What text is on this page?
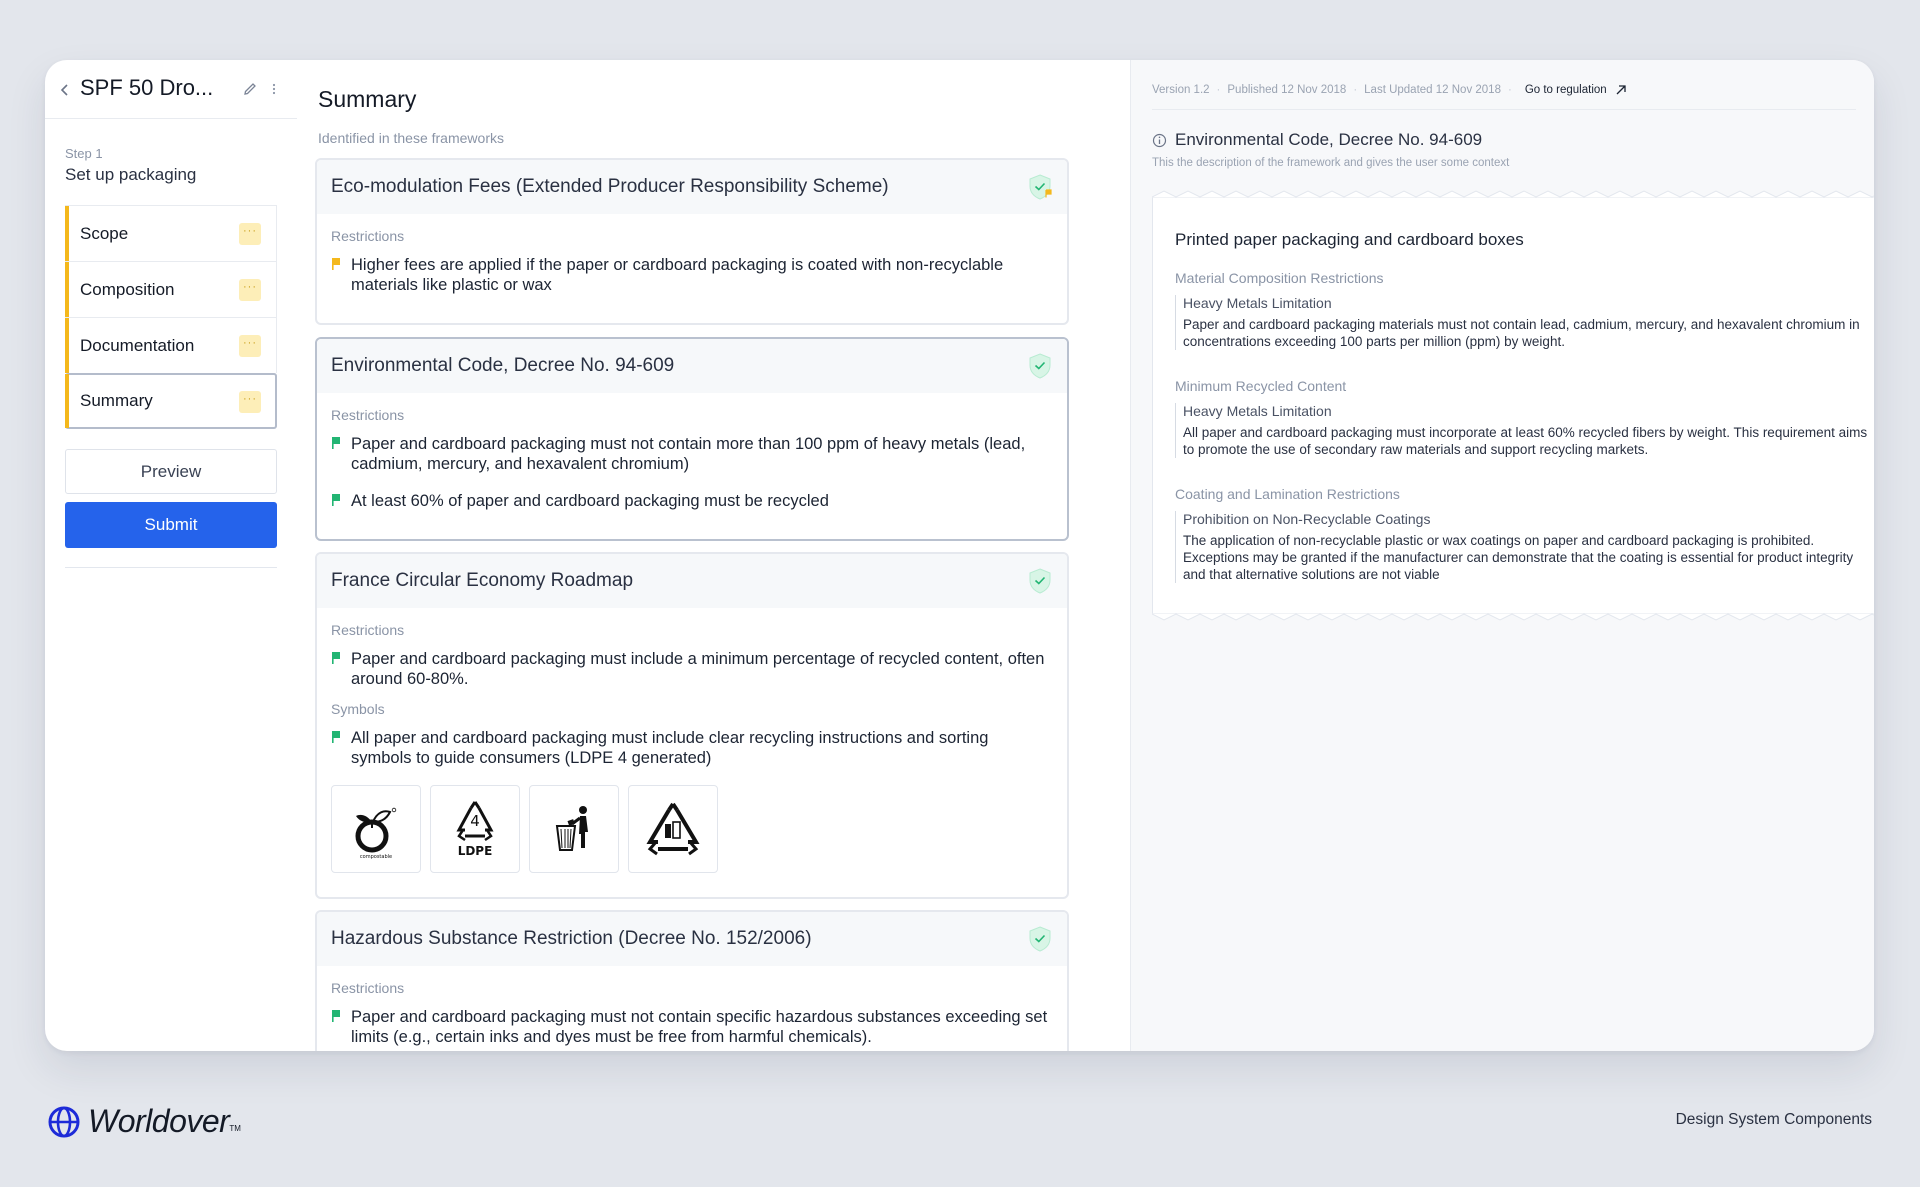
SPF 50 Dro...
Step 1
Set up packaging
Scope	···
Composition	···
Documentation	···
Summary	···
Preview
Submit
Summary
Identified in these frameworks
Eco-modulation Fees (Extended Producer Responsibility Scheme)
Restrictions
Higher fees are applied if the paper or cardboard packaging is coated with non-recyclable materials like plastic or wax
Environmental Code, Decree No. 94-609
Restrictions
Paper and cardboard packaging must not contain more than 100 ppm of heavy metals (lead, cadmium, mercury, and hexavalent chromium)
At least 60% of paper and cardboard packaging must be recycled
France Circular Economy Roadmap
Restrictions
Paper and cardboard packaging must include a minimum percentage of recycled content, often around 60-80%.
Symbols
All paper and cardboard packaging must include clear recycling instructions and sorting symbols to guide consumers (LDPE 4 generated)
compostable
4
LDPE
Hazardous Substance Restriction (Decree No. 152/2006)
Restrictions
Paper and cardboard packaging must not contain specific hazardous substances exceeding set limits (e.g., certain inks and dyes must be free from harmful chemicals).
Version 1.2 · Published 12 Nov 2018 · Last Updated 12 Nov 2018 · Go to regulation
Environmental Code, Decree No. 94-609
This the description of the framework and gives the user some context
Printed paper packaging and cardboard boxes
Material Composition Restrictions
Heavy Metals Limitation
Paper and cardboard packaging materials must not contain lead, cadmium, mercury, and hexavalent chromium in concentrations exceeding 100 parts per million (ppm) by weight.
Minimum Recycled Content
Heavy Metals Limitation
All paper and cardboard packaging must incorporate at least 60% recycled fibers by weight. This requirement aims to promote the use of secondary raw materials and support recycling markets.
Coating and Lamination Restrictions
Prohibition on Non-Recyclable Coatings
The application of non-recyclable plastic or wax coatings on paper and cardboard packaging is prohibited. Exceptions may be granted if the manufacturer can demonstrate that the coating is essential for product integrity and that alternative solutions are not viable
Worldover TM
Design System Components
